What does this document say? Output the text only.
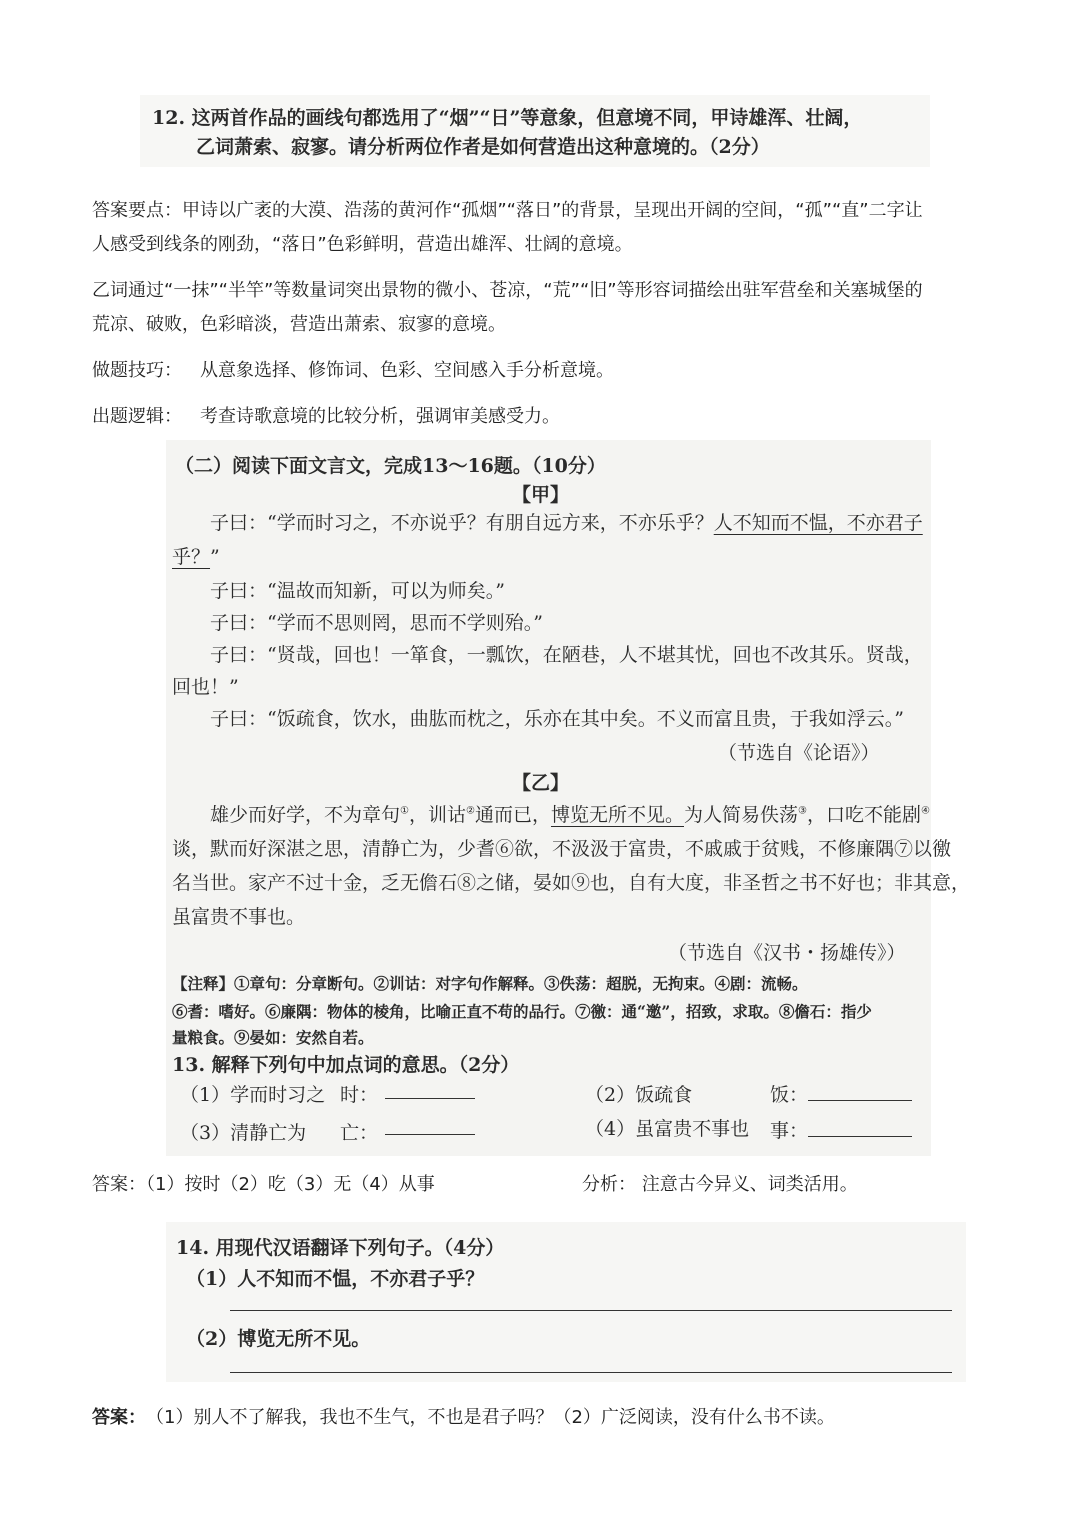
12. 这两首作品的画线句都选用了“烟”“日”等意象，但意境不同，甲诗雄浑、壮阔，
乙词萧索、寂寥。请分析两位作者是如何营造出这种意境的。（2分）
答案要点：甲诗以广袤的大漠、浩荡的黄河作“孤烟”“落日”的背景，呈现出开阔的空间，“孤”“直”二字让
人感受到线条的刚劲，“落日”色彩鲜明，营造出雄浑、壮阔的意境。
乙词通过“一抹”“半竿”等数量词突出景物的微小、苍凉，“荒”“旧”等形容词描绘出驻军营垒和关塞城堡的
荒凉、破败，色彩暗淡，营造出萧索、寂寥的意境。
做题技巧： 从意象选择、修饰词、色彩、空间感入手分析意境。
出题逻辑： 考查诗歌意境的比较分析，强调审美感受力。
（二）阅读下面文言文，完成13～16题。（10分）
【甲】
子曰：“学而时习之，不亦说乎？有朋自远方来，不亦乐乎？人不知而不愠，不亦君子
乎？”
子曰：“温故而知新，可以为师矣。”
子曰：“学而不思则罔，思而不学则殆。”
子曰：“贤哉，回也！一箪食，一瓢饮，在陋巷，人不堪其忧，回也不改其乐。贤哉，
回也！”
子曰：“饭疏食，饮水，曲肱而枕之，乐亦在其中矣。不义而富且贵，于我如浮云。”
（节选自《论语》）
【乙】
雄少而好学，不为章句①，训诂②通而已，博览无所不见。为人简易佚荡③，口吃不能剧④
谈，默而好深湛之思，清静亡为，少耆⑥欲，不汲汲于富贵，不戚戚于贫贱，不修廉隅⑦以徼
名当世。家产不过十金，乏无儋石⑧之储，晏如⑨也，自有大度，非圣哲之书不好也；非其意，
虽富贵不事也。
（节选自《汉书・扬雄传》）
【注释】①章句：分章断句。②训诂：对字句作解释。③佚荡：超脱，无拘束。④剧：流畅。
⑥耆：嗜好。⑥廉隅：物体的棱角，比喻正直不苟的品行。⑦徼：通“邀”，招致，求取。⑧儋石：指少
量粮食。⑨晏如：安然自若。
13. 解释下列句中加点词的意思。（2分）
（1）学而时习之 时：	（2）饭疏食	饭：
（3）清静亡为 亡：	（4）虽富贵不事也 事：
答案：（1）按时（2）吃（3）无（4）从事	分析： 注意古今异义、词类活用。
14. 用现代汉语翻译下列句子。（4分）
（1）人不知而不愠，不亦君子乎？
（2）博览无所不见。
答案： （1）别人不了解我，我也不生气，不也是君子吗？（2）广泛阅读，没有什么书不读。
